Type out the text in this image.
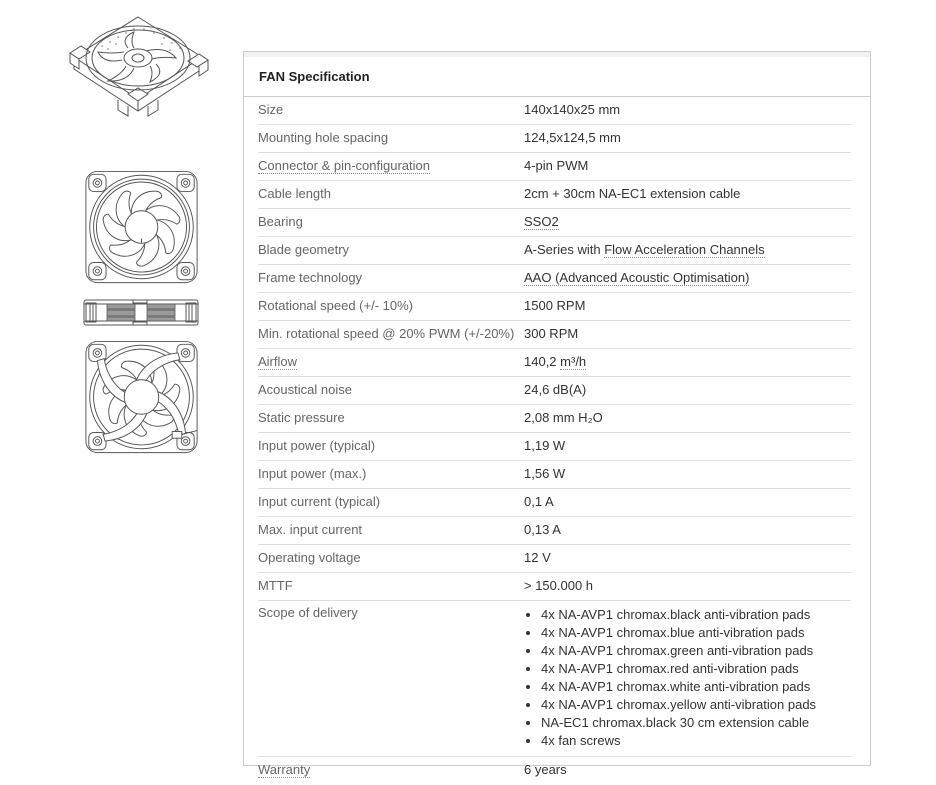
FAN Specification
Size	140x140x25 mm
Mounting hole spacing	124,5x124,5 mm
Connector & pin-configuration	4-pin PWM
Cable length	2cm + 30cm NA-EC1 extension cable
Bearing	SSO2
Blade geometry	A-Series with Flow Acceleration Channels
Frame technology	AAO (Advanced Acoustic Optimisation)
Rotational speed (+/- 10%)	1500 RPM
Min. rotational speed @ 20% PWM (+/-20%) 300 RPM
Airflow	140,2 m³/h
Acoustical noise	24,6 dB(A)
Static pressure	2,08 mm H₂O
Input power (typical)	1,19 W
Input power (max.)	1,56 W
Input current (typical)	0,1 A
Max. input current	0,13 A
Operating voltage	12 V
MTTF	> 150.000 h
Scope of delivery	• 4x NA-AVP1 chromax.black anti-vibration pads
• 4x NA-AVP1 chromax.blue anti-vibration pads
• 4x NA-AVP1 chromax.green anti-vibration pads
• 4x NA-AVP1 chromax.red anti-vibration pads
• 4x NA-AVP1 chromax.white anti-vibration pads
• 4x NA-AVP1 chromax.yellow anti-vibration pads
• NA-EC1 chromax.black 30 cm extension cable
• 4x fan screws
Warranty	6 years
